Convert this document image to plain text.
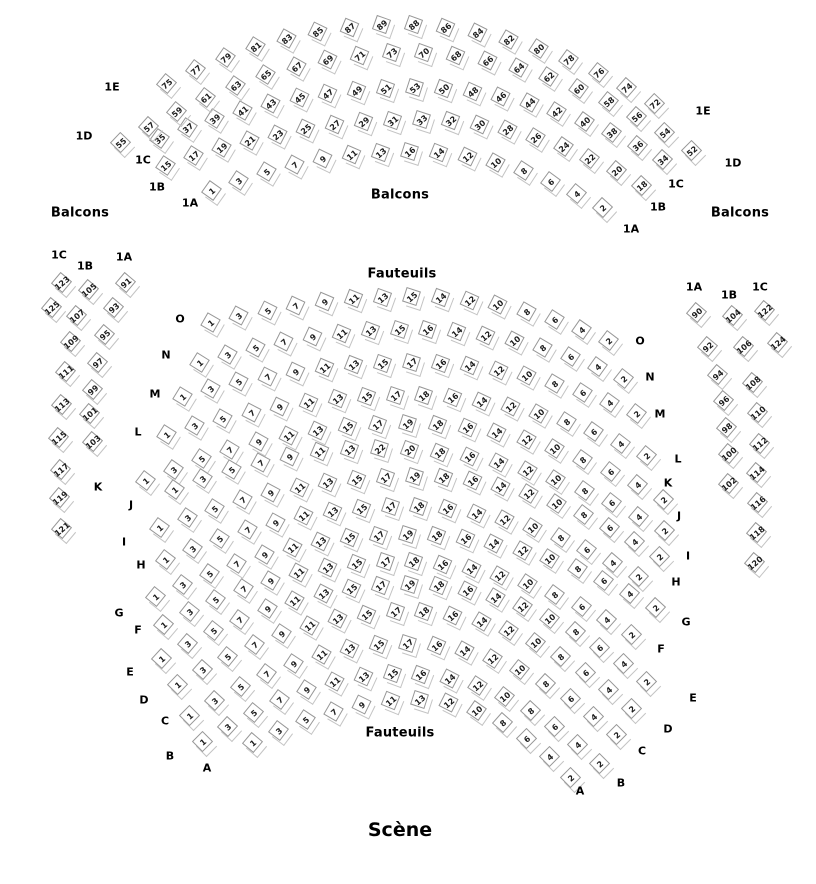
Balcons
Balcons
Balcons
Fauteuils
Fauteuils
Scène
1
3
5
7
9	11	13	16	14	12	10
8
6
4
2
1A
1A
15
17
19
21	23	25	27	29	31	33	32	30	28
26
24
22
20
18
1B
1B
35
37
39
41	43	45	47	49	51	53	50	48	46	44
42
40
38
36
34
1C
1C
55
57
59
61
63
65
67	69	71	73	70	68	66
64
62
60
58
56
54
52
1D
1D
75
77
79
81
83	85	87	89	88	86	84
82
80
78
76
74
72
1E
1E
1
3
5	7	9	11	13	15	14	12	10	8
6
4
2
O
O
1
3
5
7	9	11	13	15	16	14	12	10
8
6
4
2
N
N
1
3
5
7	9	11	13	15	17	16	14	12	10
8
6
4
2
M
M
1
3
5
7
9	11	13	15	17	18	16	14	12	10
8
6
4
2
L
L
1
3
5
7
9	11	13	15	17	19	18	16	14
12
10
8
6
4
2
K	K
1
3
5
7
9	11	13	22	20	18	16	14
12
10
8
6
4
2
J
J
1
3
5
7
9	11	13	15	17	19	18	16	14
12
10
8
6
4
2
I
I
1
3
5
7
9	11	13	15	17	18	16	14	12
10
8
6
4
2
H
H
1
3
5
7
9
11	13	15	17	19	18	16	14	12
10
8
6
4
2
G
G
1
3
5
7
9
11	13	15	17	18	16	14	12
10
8
6
4
2
F
F
1
3
5
7
9
11	13	15	17	19	18	16	14
12
10
8
6
4
2
E
E
1
3
5
7
9
11	13	15	17	18	16	14
12
10
8
6
4
2
D
D
1
3
5
7
9
11	13	15	17	16	14
12
10
8
6
4
2
C
C
1
3
5
7
9
11	13	15	16	14
12
10
8
6
4
2
B
B
1
3
5
7
9	11	13	12
10
8
6
4
2
A
A
123
125
1C
105
107
109
111
113
115
117
119
121
1B
91
93
95
97
99
101
103
1A
90
92
94
96
98
100
102
1A
104
106
108
110
112
114
116
118
120
1B
122
124
1C
